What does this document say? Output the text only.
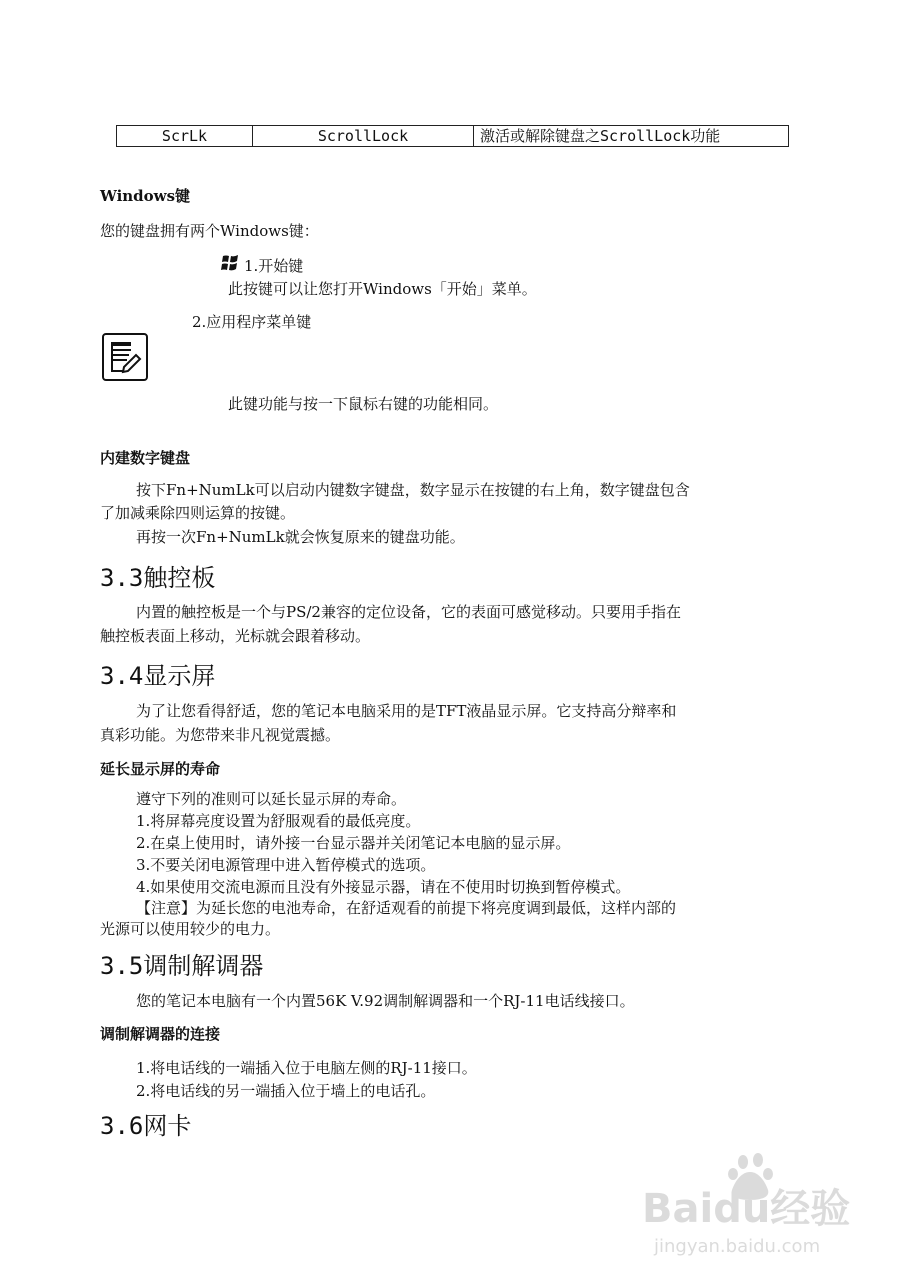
ScrLk	ScrollLock	激活或解除键盘之ScrollLock功能
Windows键
您的键盘拥有两个Windows键：
1.开始键
此按键可以让您打开Windows「开始」菜单。
2.应用程序菜单键
此键功能与按一下鼠标右键的功能相同。
内建数字键盘
按下Fn+NumLk可以启动内键数字键盘，数字显示在按键的右上角，数字键盘包含
了加减乘除四则运算的按键。
再按一次Fn+NumLk就会恢复原来的键盘功能。
3.3触控板
内置的触控板是一个与PS/2兼容的定位设备，它的表面可感觉移动。只要用手指在
触控板表面上移动，光标就会跟着移动。
3.4显示屏
为了让您看得舒适，您的笔记本电脑采用的是TFT液晶显示屏。它支持高分辩率和
真彩功能。为您带来非凡视觉震撼。
延长显示屏的寿命
遵守下列的准则可以延长显示屏的寿命。
1.将屏幕亮度设置为舒服观看的最低亮度。
2.在桌上使用时，请外接一台显示器并关闭笔记本电脑的显示屏。
3.不要关闭电源管理中进入暂停模式的选项。
4.如果使用交流电源而且没有外接显示器，请在不使用时切换到暂停模式。
【注意】为延长您的电池寿命，在舒适观看的前提下将亮度调到最低，这样内部的
光源可以使用较少的电力。
3.5调制解调器
您的笔记本电脑有一个内置56K V.92调制解调器和一个RJ-11电话线接口。
调制解调器的连接
1.将电话线的一端插入位于电脑左侧的RJ-11接口。
2.将电话线的另一端插入位于墙上的电话孔。
3.6网卡
Baidu经验
jingyan.baidu.com
